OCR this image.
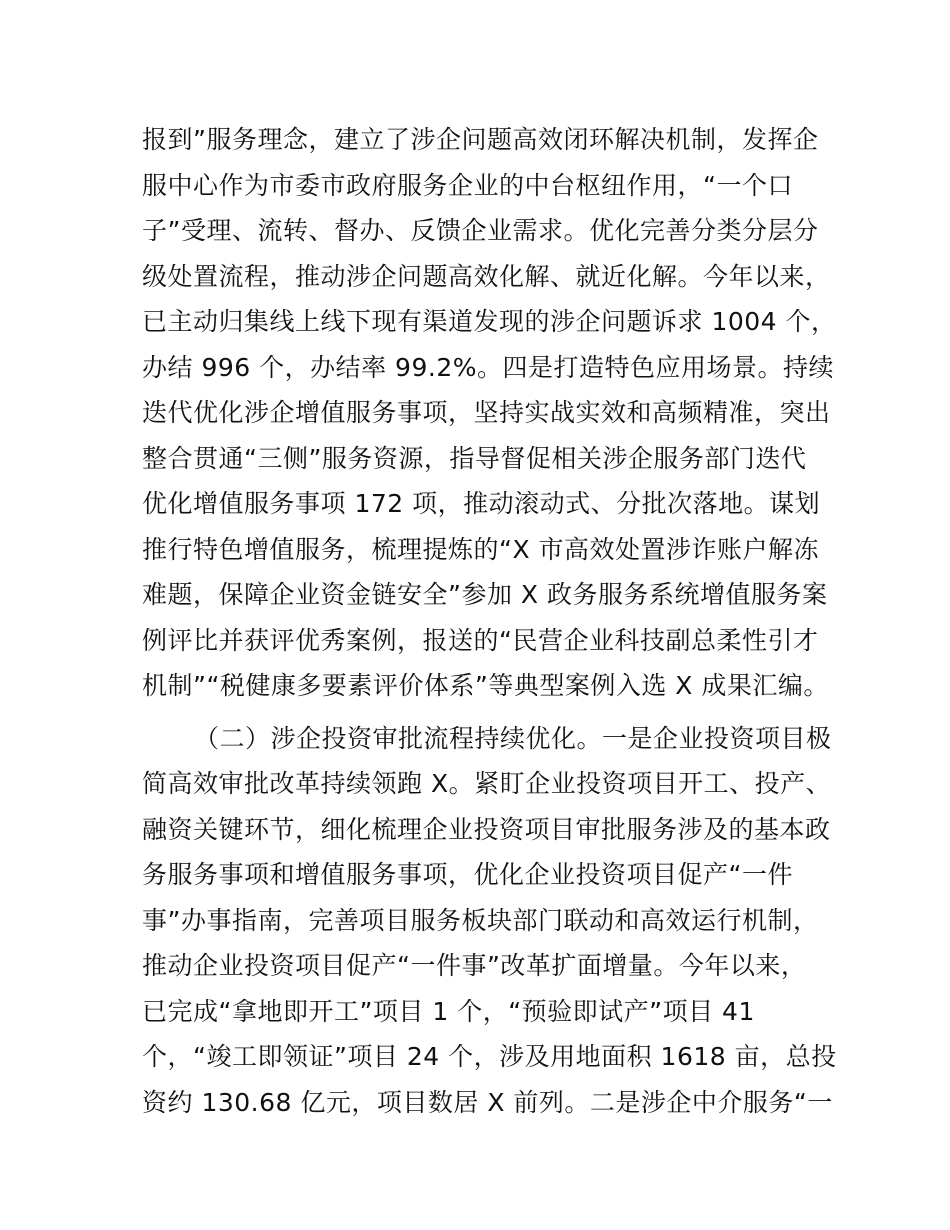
报到”服务理念，建立了涉企问题高效闭环解决机制，发挥企
服中心作为市委市政府服务企业的中台枢纽作用，“一个口
子”受理、流转、督办、反馈企业需求。优化完善分类分层分
级处置流程，推动涉企问题高效化解、就近化解。今年以来，
已主动归集线上线下现有渠道发现的涉企问题诉求 1004 个，
办结 996 个，办结率 99.2%。四是打造特色应用场景。持续
迭代优化涉企增值服务事项，坚持实战实效和高频精准，突出
整合贯通“三侧”服务资源，指导督促相关涉企服务部门迭代
优化增值服务事项 172 项，推动滚动式、分批次落地。谋划
推行特色增值服务，梳理提炼的“X 市高效处置涉诈账户解冻
难题，保障企业资金链安全”参加 X 政务服务系统增值服务案
例评比并获评优秀案例，报送的“民营企业科技副总柔性引才
机制”“税健康多要素评价体系”等典型案例入选 X 成果汇编。
（二）涉企投资审批流程持续优化。一是企业投资项目极
简高效审批改革持续领跑 X。紧盯企业投资项目开工、投产、
融资关键环节，细化梳理企业投资项目审批服务涉及的基本政
务服务事项和增值服务事项，优化企业投资项目促产“一件
事”办事指南，完善项目服务板块部门联动和高效运行机制，
推动企业投资项目促产“一件事”改革扩面增量。今年以来，
已完成“拿地即开工”项目 1 个，“预验即试产”项目 41
个，“竣工即领证”项目 24 个，涉及用地面积 1618 亩，总投
资约 130.68 亿元，项目数居 X 前列。二是涉企中介服务“一
